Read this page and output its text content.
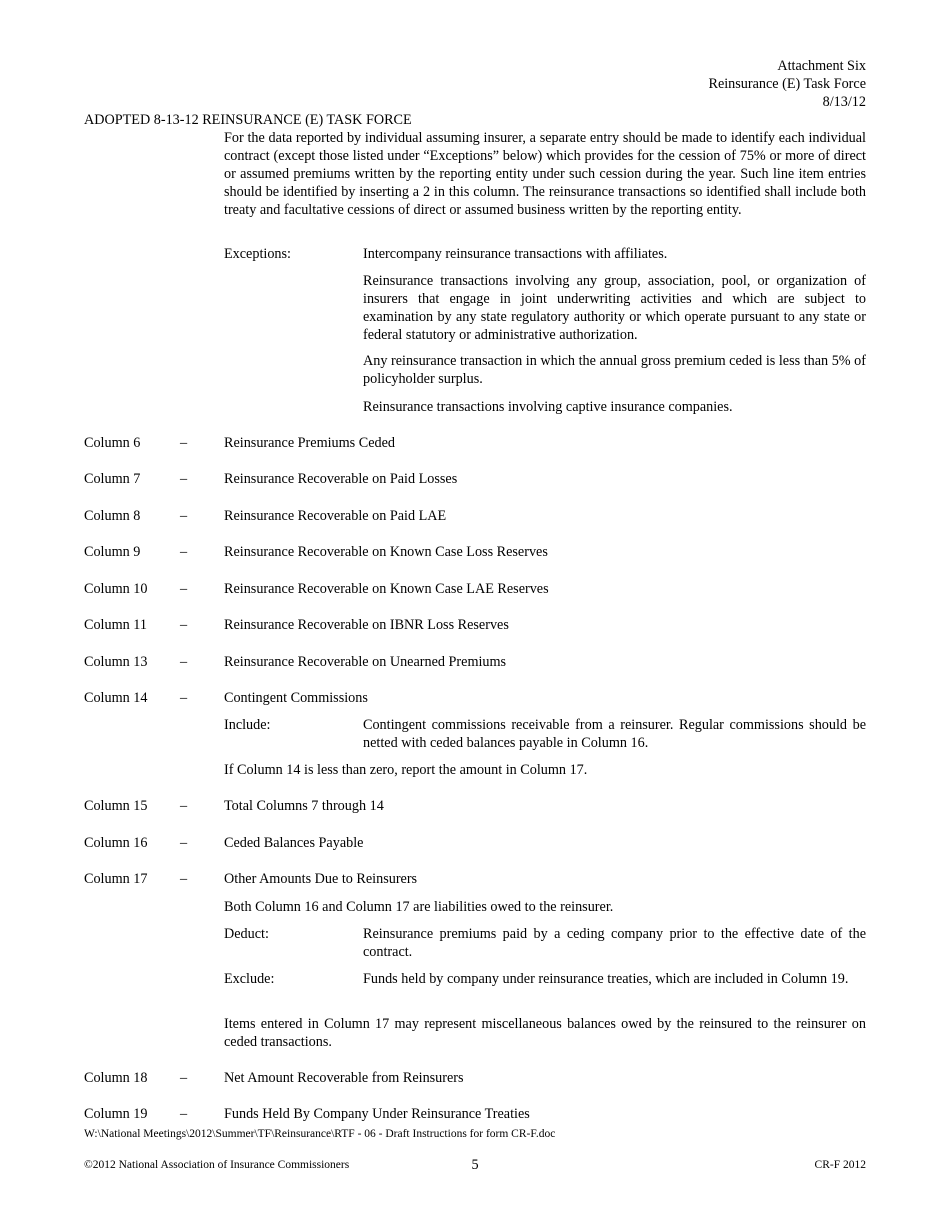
Attachment Six
Reinsurance (E) Task Force
8/13/12
ADOPTED 8-13-12 REINSURANCE (E) TASK FORCE
For the data reported by individual assuming insurer, a separate entry should be made to identify each individual contract (except those listed under “Exceptions” below) which provides for the cession of 75% or more of direct or assumed premiums written by the reporting entity under such cession during the year. Such line item entries should be identified by inserting a 2 in this column. The reinsurance transactions so identified shall include both treaty and facultative cessions of direct or assumed business written by the reporting entity.
Exceptions:	Intercompany reinsurance transactions with affiliates.
Reinsurance transactions involving any group, association, pool, or organization of insurers that engage in joint underwriting activities and which are subject to examination by any state regulatory authority or which operate pursuant to any state or federal statutory or administrative authorization.
Any reinsurance transaction in which the annual gross premium ceded is less than 5% of policyholder surplus.
Reinsurance transactions involving captive insurance companies.
Column 6	–	Reinsurance Premiums Ceded
Column 7	–	Reinsurance Recoverable on Paid Losses
Column 8	–	Reinsurance Recoverable on Paid LAE
Column 9	–	Reinsurance Recoverable on Known Case Loss Reserves
Column 10	–	Reinsurance Recoverable on Known Case LAE Reserves
Column 11	–	Reinsurance Recoverable on IBNR Loss Reserves
Column 13	–	Reinsurance Recoverable on Unearned Premiums
Column 14	–	Contingent Commissions
Include:	Contingent commissions receivable from a reinsurer. Regular commissions should be netted with ceded balances payable in Column 16.
If Column 14 is less than zero, report the amount in Column 17.
Column 15	–	Total Columns 7 through 14
Column 16	–	Ceded Balances Payable
Column 17	–	Other Amounts Due to Reinsurers
Both Column 16 and Column 17 are liabilities owed to the reinsurer.
Deduct:	Reinsurance premiums paid by a ceding company prior to the effective date of the contract.
Exclude:	Funds held by company under reinsurance treaties, which are included in Column 19.
Items entered in Column 17 may represent miscellaneous balances owed by the reinsured to the reinsurer on ceded transactions.
Column 18	–	Net Amount Recoverable from Reinsurers
Column 19	–	Funds Held By Company Under Reinsurance Treaties
W:\National Meetings\2012\Summer\TF\Reinsurance\RTF - 06 - Draft Instructions for form CR-F.doc
©2012 National Association of Insurance Commissioners	5	CR-F 2012
